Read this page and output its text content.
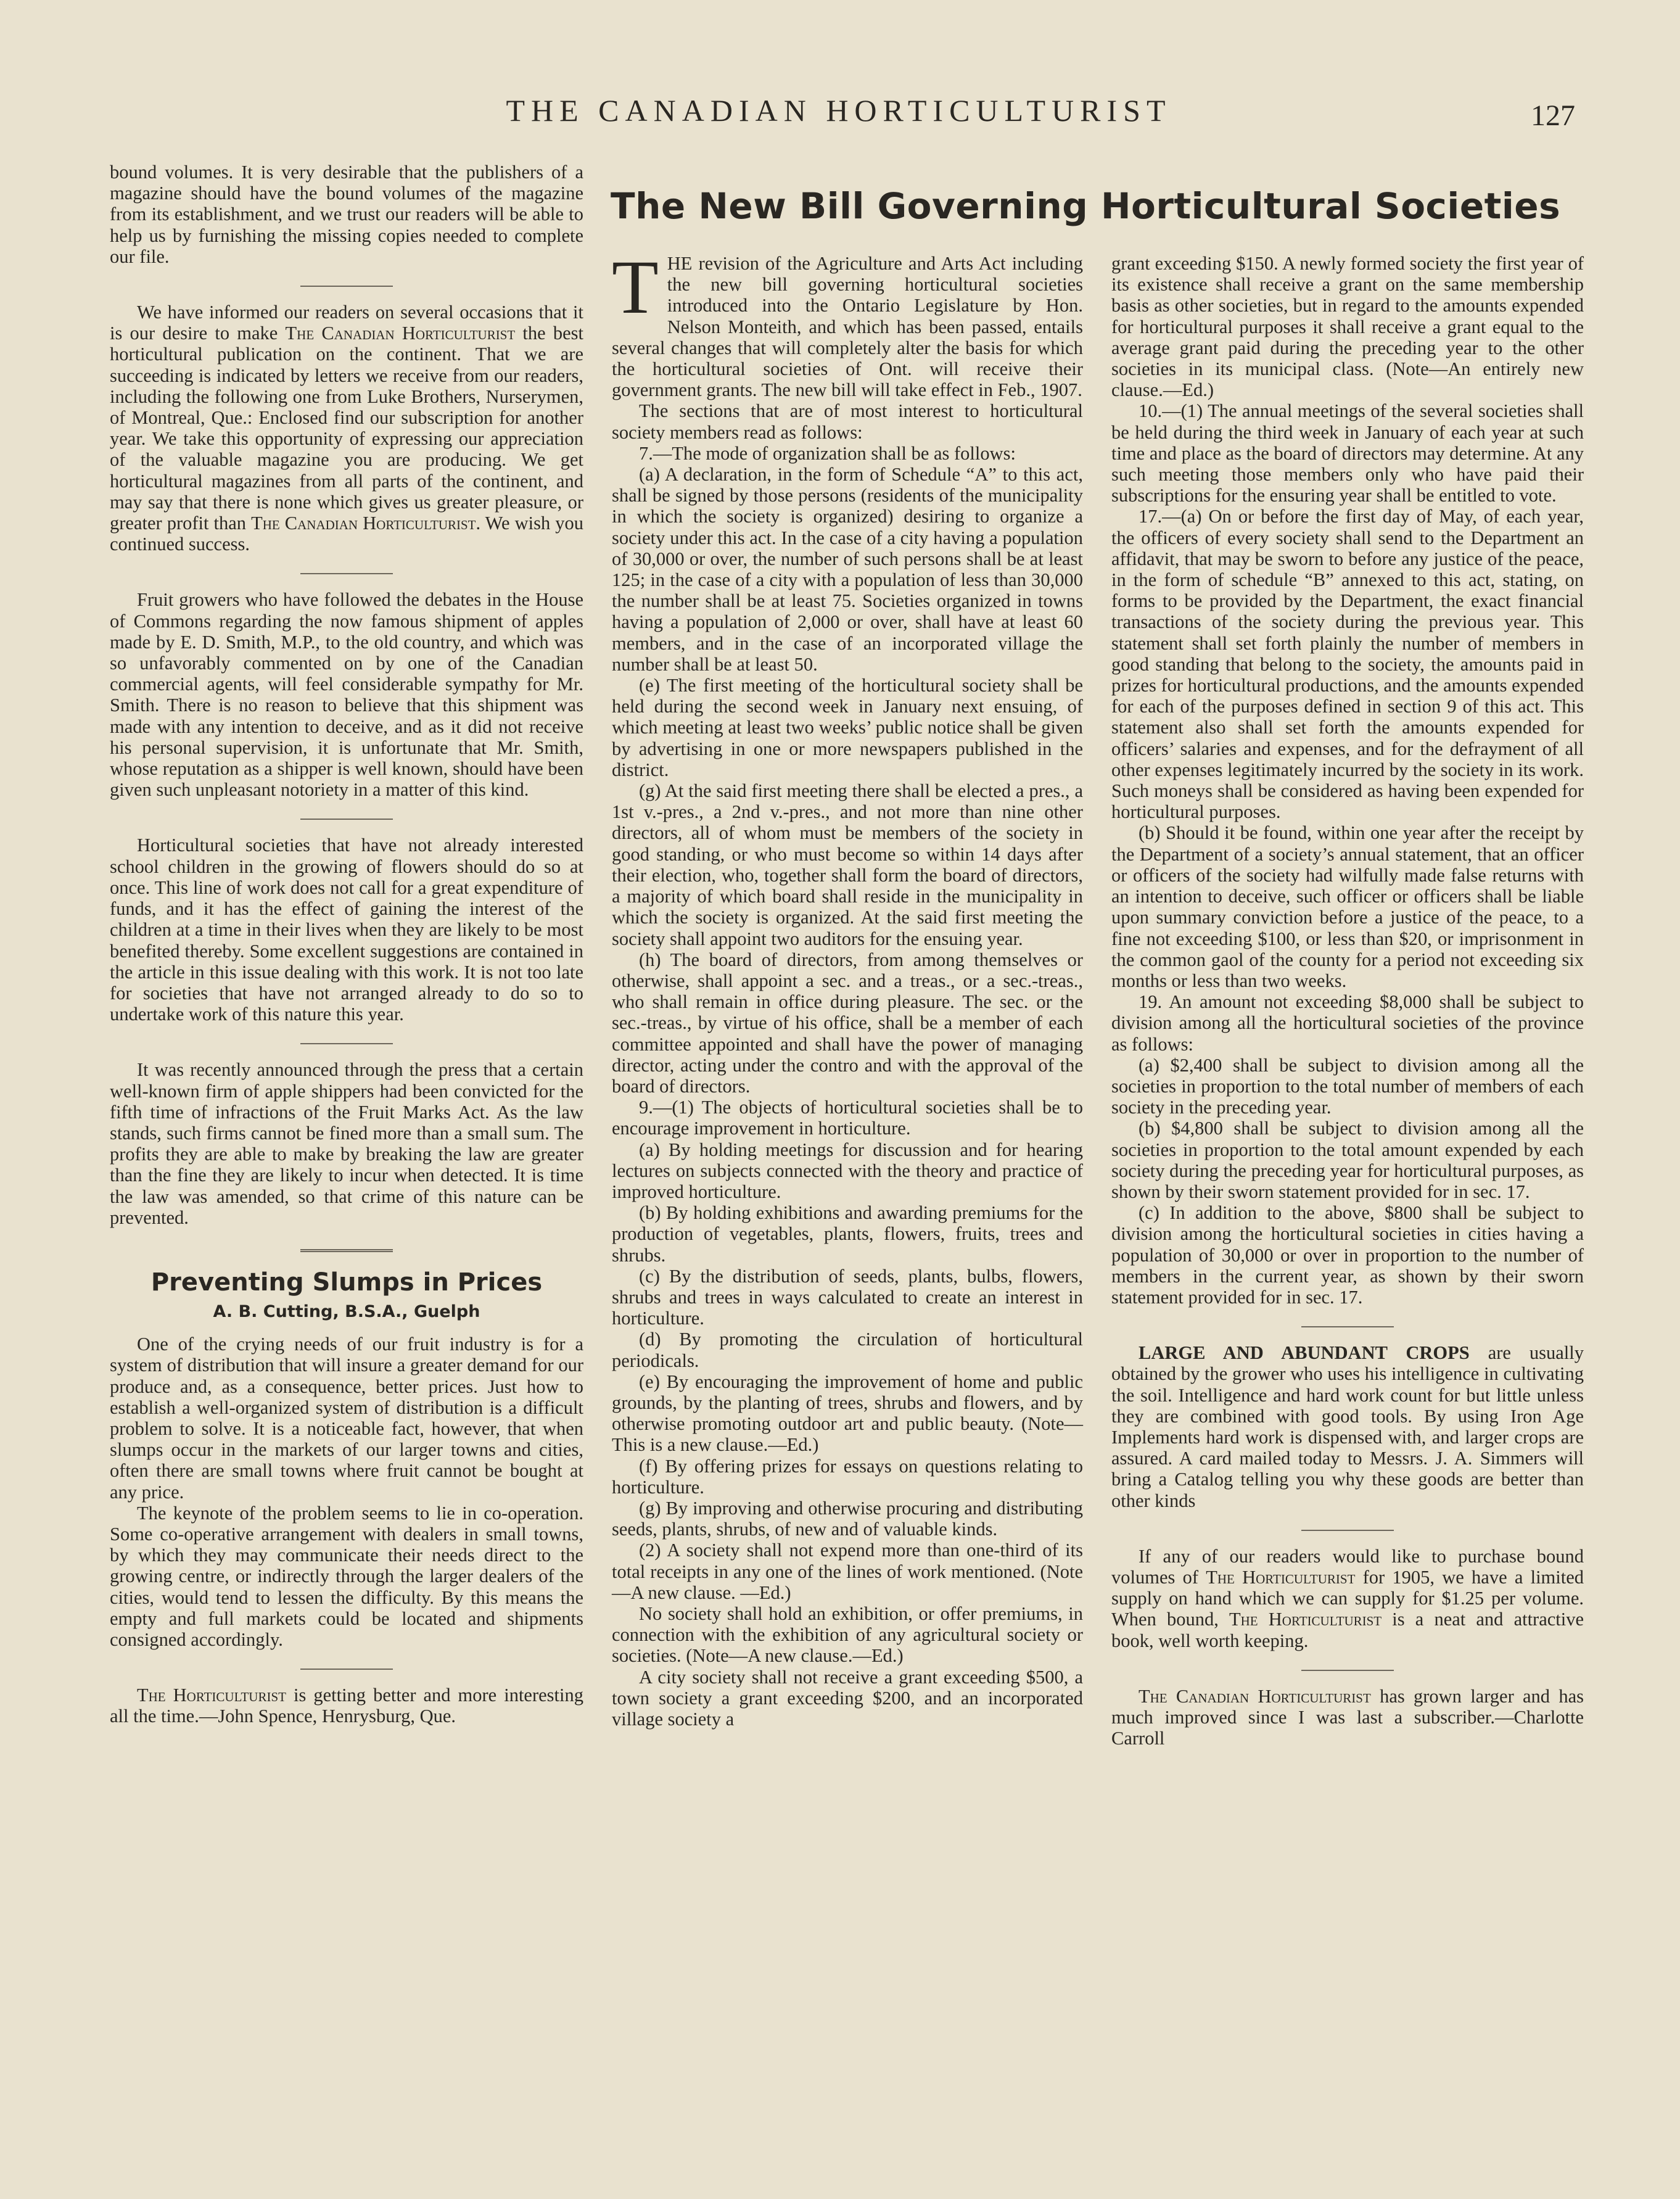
THE CANADIAN HORTICULTURIST	127

bound volumes. It is very desirable that the publishers of a magazine should have the bound volumes of the magazine from its establishment, and we trust our readers will be able to help us by furnishing the missing copies needed to complete our file.

We have informed our readers on several occasions that it is our desire to make The Canadian Horticulturist the best horticultural publication on the continent. That we are succeeding is indicated by letters we receive from our readers, including the following one from Luke Brothers, Nurserymen, of Montreal, Que.: Enclosed find our subscription for another year. We take this opportunity of expressing our appreciation of the valuable magazine you are producing. We get horticultural magazines from all parts of the continent, and may say that there is none which gives us greater pleasure, or greater profit than The Canadian Horticulturist. We wish you continued success.

Fruit growers who have followed the debates in the House of Commons regarding the now famous shipment of apples made by E. D. Smith, M.P., to the old country, and which was so unfavorably commented on by one of the Canadian commercial agents, will feel considerable sympathy for Mr. Smith. There is no reason to believe that this shipment was made with any intention to deceive, and as it did not receive his personal supervision, it is unfortunate that Mr. Smith, whose reputation as a shipper is well known, should have been given such unpleasant notoriety in a matter of this kind.

Horticultural societies that have not already interested school children in the growing of flowers should do so at once. This line of work does not call for a great expenditure of funds, and it has the effect of gaining the interest of the children at a time in their lives when they are likely to be most benefited thereby. Some excellent suggestions are contained in the article in this issue dealing with this work. It is not too late for societies that have not arranged already to do so to undertake work of this nature this year.

It was recently announced through the press that a certain well-known firm of apple shippers had been convicted for the fifth time of infractions of the Fruit Marks Act. As the law stands, such firms cannot be fined more than a small sum. The profits they are able to make by breaking the law are greater than the fine they are likely to incur when detected. It is time the law was amended, so that crime of this nature can be prevented.

Preventing Slumps in Prices
A. B. Cutting, B.S.A., Guelph

One of the crying needs of our fruit industry is for a system of distribution that will insure a greater demand for our produce and, as a consequence, better prices. Just how to establish a well-organized system of distribution is a difficult problem to solve. It is a noticeable fact, however, that when slumps occur in the markets of our larger towns and cities, often there are small towns where fruit cannot be bought at any price.

The keynote of the problem seems to lie in co-operation. Some co-operative arrangement with dealers in small towns, by which they may communicate their needs direct to the growing centre, or indirectly through the larger dealers of the cities, would tend to lessen the difficulty. By this means the empty and full markets could be located and shipments consigned accordingly.

The Horticulturist is getting better and more interesting all the time.—John Spence, Henrysburg, Que.

The New Bill Governing Horticultural Societies

THE revision of the Agriculture and Arts Act including the new bill governing horticultural societies introduced into the Ontario Legislature by Hon. Nelson Monteith, and which has been passed, entails several changes that will completely alter the basis for which the horticultural societies of Ont. will receive their government grants. The new bill will take effect in Feb., 1907.

The sections that are of most interest to horticultural society members read as follows:

7.—The mode of organization shall be as follows:

(a) A declaration, in the form of Schedule “A” to this act, shall be signed by those persons (residents of the municipality in which the society is organized) desiring to organize a society under this act. In the case of a city having a population of 30,000 or over, the number of such persons shall be at least 125; in the case of a city with a population of less than 30,000 the number shall be at least 75. Societies organized in towns having a population of 2,000 or over, shall have at least 60 members, and in the case of an incorporated village the number shall be at least 50.

(e) The first meeting of the horticultural society shall be held during the second week in January next ensuing, of which meeting at least two weeks’ public notice shall be given by advertising in one or more newspapers published in the district.

(g) At the said first meeting there shall be elected a pres., a 1st v.-pres., a 2nd v.-pres., and not more than nine other directors, all of whom must be members of the society in good standing, or who must become so within 14 days after their election, who, together shall form the board of directors, a majority of which board shall reside in the municipality in which the society is organized. At the said first meeting the society shall appoint two auditors for the ensuing year.

(h) The board of directors, from among themselves or otherwise, shall appoint a sec. and a treas., or a sec.-treas., who shall remain in office during pleasure. The sec. or the sec.-treas., by virtue of his office, shall be a member of each committee appointed and shall have the power of managing director, acting under the contro and with the approval of the board of directors.

9.—(1) The objects of horticultural societies shall be to encourage improvement in horticulture.

(a) By holding meetings for discussion and for hearing lectures on subjects connected with the theory and practice of improved horticulture.

(b) By holding exhibitions and awarding premiums for the production of vegetables, plants, flowers, fruits, trees and shrubs.

(c) By the distribution of seeds, plants, bulbs, flowers, shrubs and trees in ways calculated to create an interest in horticulture.

(d) By promoting the circulation of horticultural periodicals.

(e) By encouraging the improvement of home and public grounds, by the planting of trees, shrubs and flowers, and by otherwise promoting outdoor art and public beauty. (Note—This is a new clause.—Ed.)

(f) By offering prizes for essays on questions relating to horticulture.

(g) By improving and otherwise procuring and distributing seeds, plants, shrubs, of new and of valuable kinds.

(2) A society shall not expend more than one-third of its total receipts in any one of the lines of work mentioned. (Note—A new clause. —Ed.)

No society shall hold an exhibition, or offer premiums, in connection with the exhibition of any agricultural society or societies. (Note—A new clause.—Ed.)

A city society shall not receive a grant exceeding $500, a town society a grant exceeding $200, and an incorporated village society a

grant exceeding $150. A newly formed society the first year of its existence shall receive a grant on the same membership basis as other societies, but in regard to the amounts expended for horticultural purposes it shall receive a grant equal to the average grant paid during the preceding year to the other societies in its municipal class. (Note—An entirely new clause.—Ed.)

10.—(1) The annual meetings of the several societies shall be held during the third week in January of each year at such time and place as the board of directors may determine. At any such meeting those members only who have paid their subscriptions for the ensuring year shall be entitled to vote.

17.—(a) On or before the first day of May, of each year, the officers of every society shall send to the Department an affidavit, that may be sworn to before any justice of the peace, in the form of schedule “B” annexed to this act, stating, on forms to be provided by the Department, the exact financial transactions of the society during the previous year. This statement shall set forth plainly the number of members in good standing that belong to the society, the amounts paid in prizes for horticultural productions, and the amounts expended for each of the purposes defined in section 9 of this act. This statement also shall set forth the amounts expended for officers’ salaries and expenses, and for the defrayment of all other expenses legitimately incurred by the society in its work. Such moneys shall be considered as having been expended for horticultural purposes.

(b) Should it be found, within one year after the receipt by the Department of a society’s annual statement, that an officer or officers of the society had wilfully made false returns with an intention to deceive, such officer or officers shall be liable upon summary conviction before a justice of the peace, to a fine not exceeding $100, or less than $20, or imprisonment in the common gaol of the county for a period not exceeding six months or less than two weeks.

19. An amount not exceeding $8,000 shall be subject to division among all the horticultural societies of the province as follows:

(a) $2,400 shall be subject to division among all the societies in proportion to the total number of members of each society in the preceding year.

(b) $4,800 shall be subject to division among all the societies in proportion to the total amount expended by each society during the preceding year for horticultural purposes, as shown by their sworn statement provided for in sec. 17.

(c) In addition to the above, $800 shall be subject to division among the horticultural societies in cities having a population of 30,000 or over in proportion to the number of members in the current year, as shown by their sworn statement provided for in sec. 17.

LARGE AND ABUNDANT CROPS are usually obtained by the grower who uses his intelligence in cultivating the soil. Intelligence and hard work count for but little unless they are combined with good tools. By using Iron Age Implements hard work is dispensed with, and larger crops are assured. A card mailed today to Messrs. J. A. Simmers will bring a Catalog telling you why these goods are better than other kinds

If any of our readers would like to purchase bound volumes of The Horticulturist for 1905, we have a limited supply on hand which we can supply for $1.25 per volume. When bound, The Horticulturist is a neat and attractive book, well worth keeping.

The Canadian Horticulturist has grown larger and has much improved since I was last a subscriber.—Charlotte Carroll
